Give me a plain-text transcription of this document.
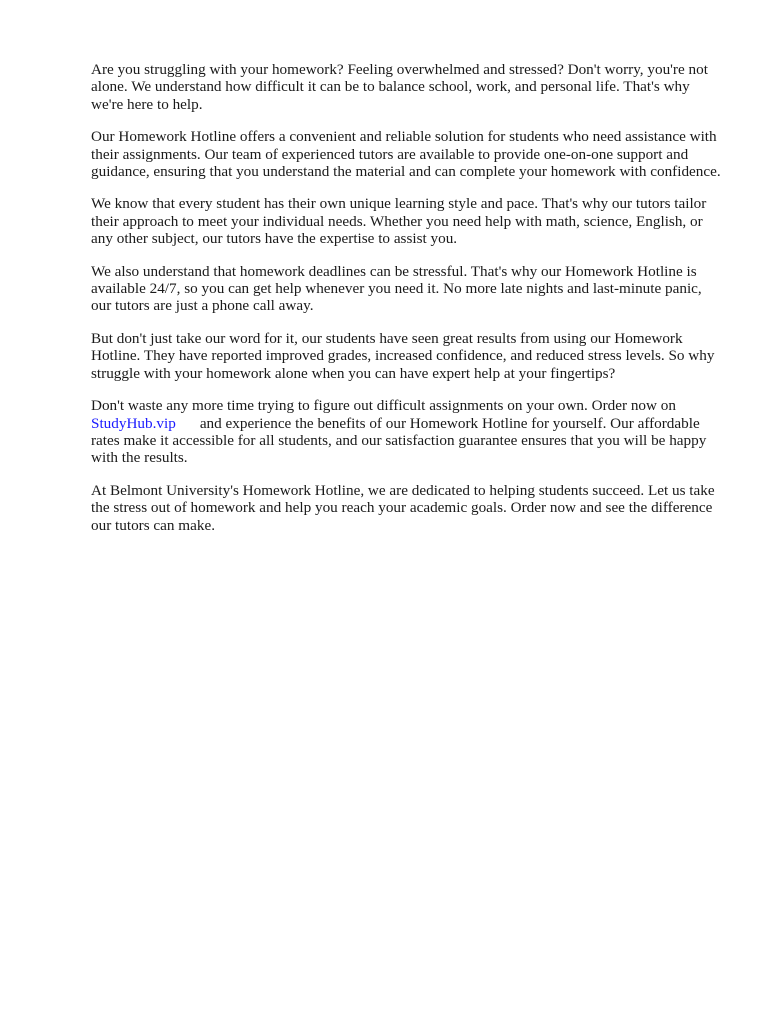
Are you struggling with your homework? Feeling overwhelmed and stressed? Don't worry, you're not alone. We understand how difficult it can be to balance school, work, and personal life. That's why we're here to help.

Our Homework Hotline offers a convenient and reliable solution for students who need assistance with their assignments. Our team of experienced tutors are available to provide one-on-one support and guidance, ensuring that you understand the material and can complete your homework with confidence.

We know that every student has their own unique learning style and pace. That's why our tutors tailor their approach to meet your individual needs. Whether you need help with math, science, English, or any other subject, our tutors have the expertise to assist you.

We also understand that homework deadlines can be stressful. That's why our Homework Hotline is available 24/7, so you can get help whenever you need it. No more late nights and last-minute panic, our tutors are just a phone call away.

But don't just take our word for it, our students have seen great results from using our Homework Hotline. They have reported improved grades, increased confidence, and reduced stress levels. So why struggle with your homework alone when you can have expert help at your fingertips?

Don't waste any more time trying to figure out difficult assignments on your own. Order now on StudyHub.vip and experience the benefits of our Homework Hotline for yourself. Our affordable rates make it accessible for all students, and our satisfaction guarantee ensures that you will be happy with the results.

At Belmont University's Homework Hotline, we are dedicated to helping students succeed. Let us take the stress out of homework and help you reach your academic goals. Order now and see the difference our tutors can make.
